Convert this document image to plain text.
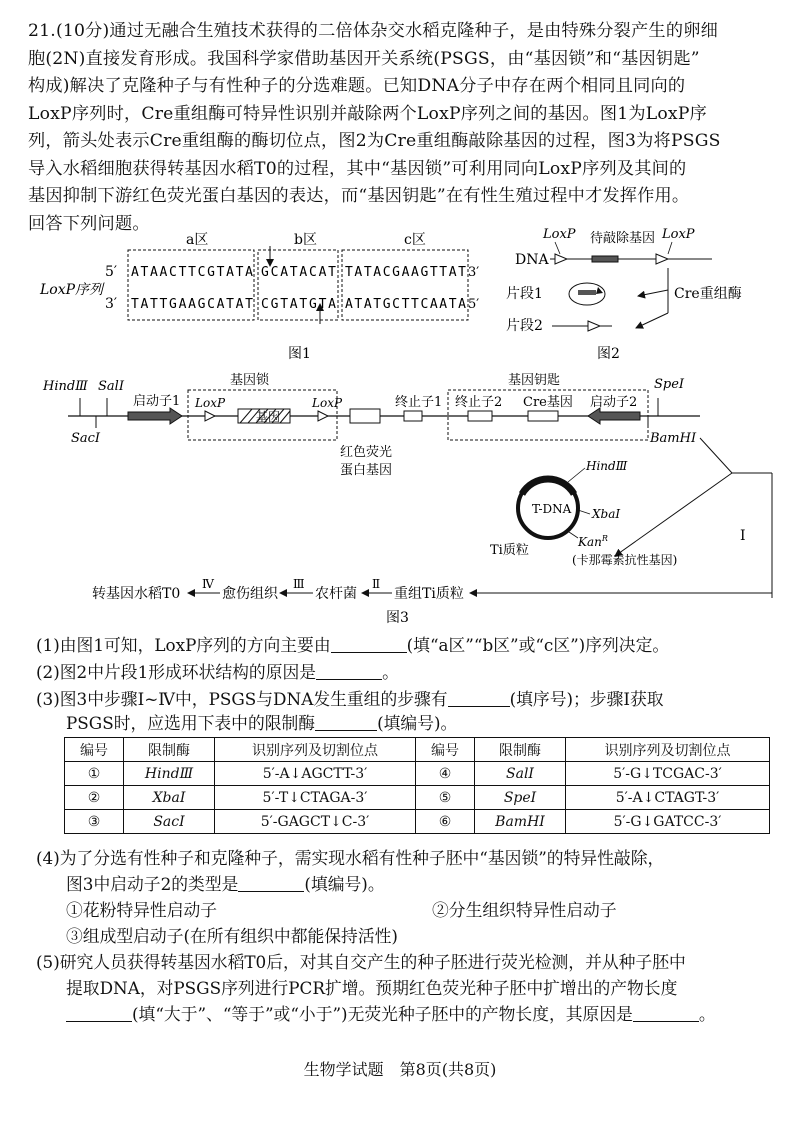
21.(10分)通过无融合生殖技术获得的二倍体杂交水稻克隆种子，是由特殊分裂产生的卵细
胞(2N)直接发育形成。我国科学家借助基因开关系统(PSGS，由“基因锁”和“基因钥匙”
构成)解决了克隆种子与有性种子的分选难题。已知DNA分子中存在两个相同且同向的
LoxP序列时，Cre重组酶可特异性识别并敲除两个LoxP序列之间的基因。图1为LoxP序
列，箭头处表示Cre重组酶的酶切位点，图2为Cre重组酶敲除基因的过程，图3为将PSGS
导入水稻细胞获得转基因水稻T0的过程，其中“基因锁”可利用同向LoxP序列及其间的
基因抑制下游红色荧光蛋白基因的表达，而“基因钥匙”在有性生殖过程中才发挥作用。
回答下列问题。
a区	b区	c区
5′
LoxP序列
3′
ATAACTTCGTATA GCATACAT TATACGAAGTTAT 3′
TATTGAAGCATAT CGTATGTA ATATGCTTCAATA 5′
图1
LoxP 待敲除基因 LoxP
DNA
片段1
片段2
Cre重组酶
图2
HindⅢ SalⅠ
SacⅠ
启动子1
基因锁
LoxP	LoxP	终止子1
基因钥匙
终止子2 Cre基因 启动子2
SpeⅠ
BamHⅠ
基因
红色荧光
蛋白基因
Ⅰ
T-DNA
HindⅢ
XbaⅠ
Kan$^R$
Ti质粒
(卡那霉素抗性基因)
转基因水稻T0
Ⅳ
愈伤组织
Ⅲ
农杆菌
Ⅱ
重组Ti质粒
图3
(1)由图1可知，LoxP序列的方向主要由	(填“a区”“b区”或“c区”)序列决定。
(2)图2中片段1形成环状结构的原因是	。
(3)图3中步骤Ⅰ~Ⅳ中，PSGS与DNA发生重组的步骤有	(填序号)；步骤Ⅰ获取
PSGS时，应选用下表中的限制酶	(填编号)。
编号	限制酶	识别序列及切割位点	编号	限制酶	识别序列及切割位点
①	HindⅢ	5′-A↓AGCTT-3′	④	SalⅠ	5′-G↓TCGAC-3′
②	XbaⅠ	5′-T↓CTAGA-3′	⑤	SpeⅠ	5′-A↓CTAGT-3′
③	SacⅠ	5′-GAGCT↓C-3′	⑥	BamHⅠ	5′-G↓GATCC-3′
(4)为了分选有性种子和克隆种子，需实现水稻有性种子胚中“基因锁”的特异性敲除，
图3中启动子2的类型是	(填编号)。
①花粉特异性启动子	②分生组织特异性启动子
③组成型启动子(在所有组织中都能保持活性)
(5)研究人员获得转基因水稻T0后，对其自交产生的种子胚进行荧光检测，并从种子胚中
提取DNA，对PSGS序列进行PCR扩增。预期红色荧光种子胚中扩增出的产物长度
(填“大于”、“等于”或“小于”)无荧光种子胚中的产物长度，其原因是	。
生物学试题　第8页(共8页)
